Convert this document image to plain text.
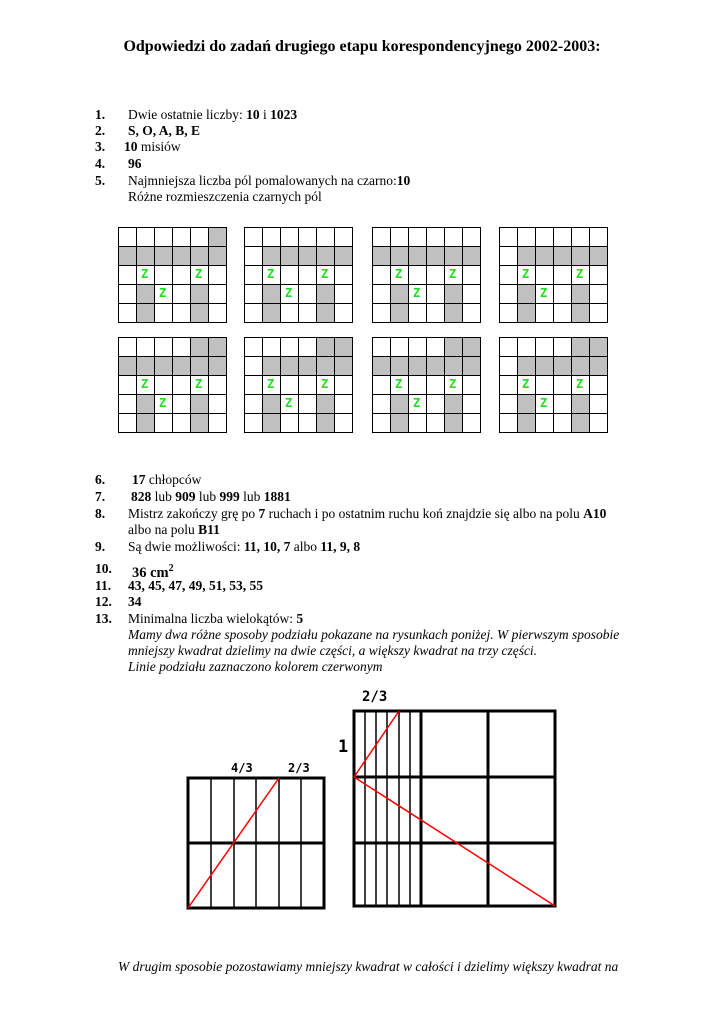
Odpowiedzi do zadań drugiego etapu korespondencyjnego 2002-2003:
1. Dwie ostatnie liczby: 10 i 1023
2. S, O, A, B, E
3. 10 misiów
4. 96
5. Najmniejsza liczba pól pomalowanych na czarno:10
Różne rozmieszczenia czarnych pól
Z	Z
Z
Z	Z
Z
Z	Z
Z
Z	Z
Z
Z	Z
Z
Z	Z
Z
Z	Z
Z
Z	Z
Z
6. 17 chłopców
7. 828 lub 909 lub 999 lub 1881
8. Mistrz zakończy grę po 7 ruchach i po ostatnim ruchu koń znajdzie się albo na polu A10
albo na polu B11
9. Są dwie możliwości: 11, 10, 7 albo 11, 9, 8
10. 36 $cm^2$
11. 43, 45, 47, 49, 51, 53, 55
12. 34
13. Minimalna liczba wielokątów: 5
Mamy dwa różne sposoby podziału pokazane na rysunkach poniżej. W pierwszym sposobie
mniejszy kwadrat dzielimy na dwie części, a większy kwadrat na trzy części.
Linie podziału zaznaczono kolorem czerwonym
4/3	2/3
2/3
1
W drugim sposobie pozostawiamy mniejszy kwadrat w całości i dzielimy większy kwadrat na
